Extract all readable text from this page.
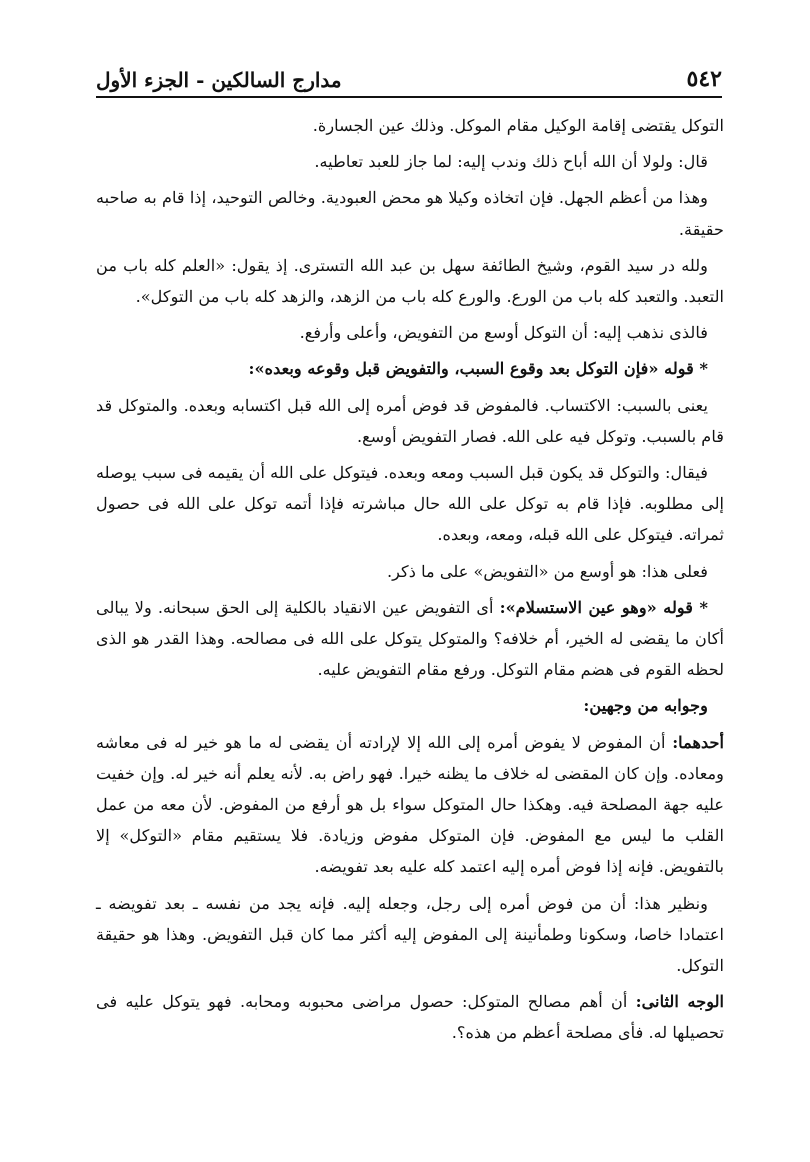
٥٤٢
مدارج السالكين - الجزء الأول

التوكل يقتضى إقامة الوكيل مقام الموكل. وذلك عين الجسارة.

قال: ولولا أن الله أباح ذلك وندب إليه: لما جاز للعبد تعاطيه.

وهذا من أعظم الجهل. فإن اتخاذه وكيلا هو محض العبودية. وخالص التوحيد، إذا قام به صاحبه حقيقة.

ولله در سيد القوم، وشيخ الطائفة سهل بن عبد الله التسترى. إذ يقول: «العلم كله باب من التعبد. والتعبد كله باب من الورع. والورع كله باب من الزهد، والزهد كله باب من التوكل».

فالذى نذهب إليه: أن التوكل أوسع من التفويض، وأعلى وأرفع.

* قوله «فإن التوكل بعد وقوع السبب، والتفويض قبل وقوعه وبعده»:

يعنى بالسبب: الاكتساب. فالمفوض قد فوض أمره إلى الله قبل اكتسابه وبعده. والمتوكل قد قام بالسبب. وتوكل فيه على الله. فصار التفويض أوسع.

فيقال: والتوكل قد يكون قبل السبب ومعه وبعده. فيتوكل على الله أن يقيمه فى سبب يوصله إلى مطلوبه. فإذا قام به توكل على الله حال مباشرته فإذا أتمه توكل على الله فى حصول ثمراته. فيتوكل على الله قبله، ومعه، وبعده.

فعلى هذا: هو أوسع من «التفويض» على ما ذكر.

* قوله «وهو عين الاستسلام»: أى التفويض عين الانقياد بالكلية إلى الحق سبحانه. ولا يبالى أكان ما يقضى له الخير، أم خلافه؟ والمتوكل يتوكل على الله فى مصالحه. وهذا القدر هو الذى لحظه القوم فى هضم مقام التوكل. ورفع مقام التفويض عليه.

وجوابه من وجهين:

أحدهما: أن المفوض لا يفوض أمره إلى الله إلا لإرادته أن يقضى له ما هو خير له فى معاشه ومعاده. وإن كان المقضى له خلاف ما يظنه خيرا. فهو راض به. لأنه يعلم أنه خير له. وإن خفيت عليه جهة المصلحة فيه. وهكذا حال المتوكل سواء بل هو أرفع من المفوض. لأن معه من عمل القلب ما ليس مع المفوض. فإن المتوكل مفوض وزيادة. فلا يستقيم مقام «التوكل» إلا بالتفويض. فإنه إذا فوض أمره إليه اعتمد كله عليه بعد تفويضه.

ونظير هذا: أن من فوض أمره إلى رجل، وجعله إليه. فإنه يجد من نفسه ـ بعد تفويضه ـ اعتمادا خاصا، وسكونا وطمأنينة إلى المفوض إليه أكثر مما كان قبل التفويض. وهذا هو حقيقة التوكل.

الوجه الثانى: أن أهم مصالح المتوكل: حصول مراضى محبوبه ومحابه. فهو يتوكل عليه فى تحصيلها له. فأى مصلحة أعظم من هذه؟.
